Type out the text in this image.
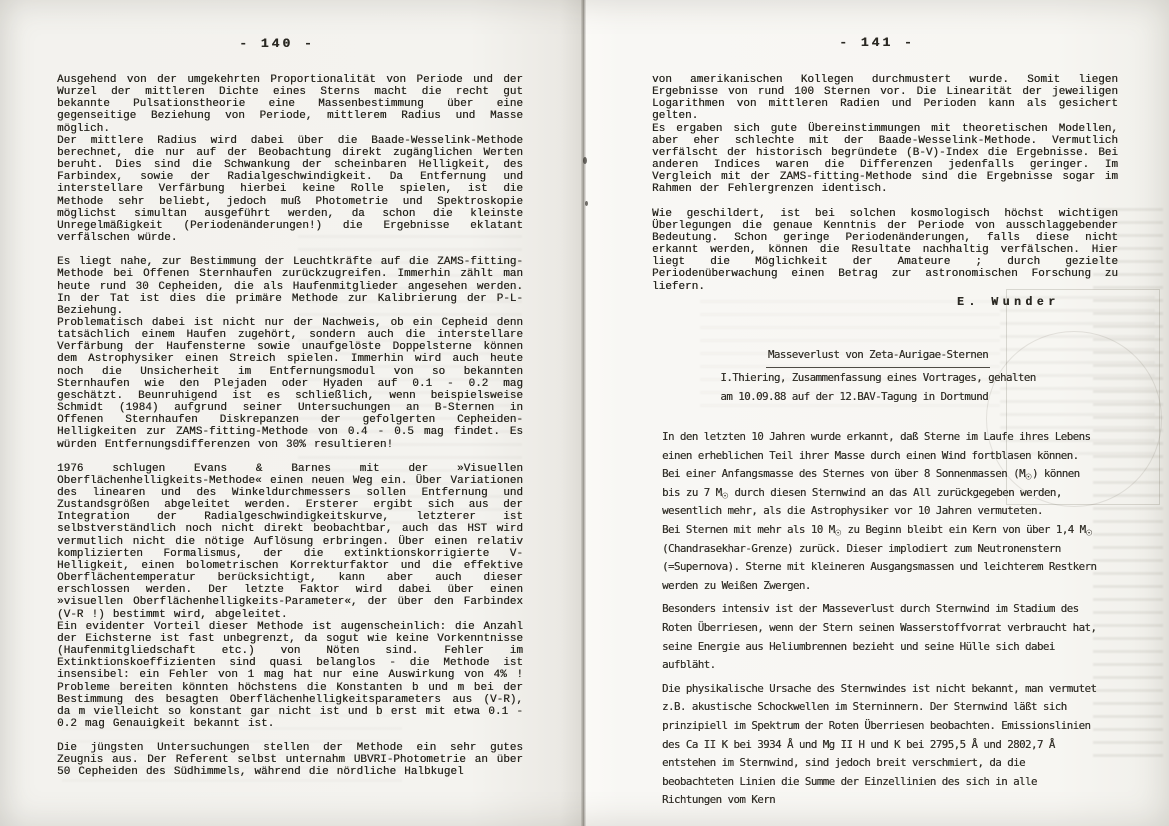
- 140 -
Ausgehend von der umgekehrten Proportionalität von Periode und der Wurzel der mittleren Dichte eines Sterns macht die recht gut bekannte Pulsationstheorie eine Massenbestimmung über eine gegenseitige Beziehung von Periode, mittlerem Radius und Masse möglich.
Der mittlere Radius wird dabei über die Baade-Wesselink-Methode berechnet, die nur auf der Beobachtung direkt zugänglichen Werten beruht. Dies sind die Schwankung der scheinbaren Helligkeit, des Farbindex, sowie der Radialgeschwindigkeit. Da Entfernung und interstellare Verfärbung hierbei keine Rolle spielen, ist die Methode sehr beliebt, jedoch muß Photometrie und Spektroskopie möglichst simultan ausgeführt werden, da schon die kleinste Unregelmäßigkeit (Periodenänderungen!) die Ergebnisse eklatant verfälschen würde.
Es liegt nahe, zur Bestimmung der Leuchtkräfte auf die ZAMS-fitting-Methode bei Offenen Sternhaufen zurückzugreifen. Immerhin zählt man heute rund 30 Cepheiden, die als Haufenmitglieder angesehen werden. In der Tat ist dies die primäre Methode zur Kalibrierung der P-L-Beziehung.
Problematisch dabei ist nicht nur der Nachweis, ob ein Cepheid denn tatsächlich einem Haufen zugehört, sondern auch die interstellare Verfärbung der Haufensterne sowie unaufgelöste Doppelsterne können dem Astrophysiker einen Streich spielen. Immerhin wird auch heute noch die Unsicherheit im Entfernungsmodul von so bekannten Sternhaufen wie den Plejaden oder Hyaden auf 0.1 - 0.2 mag geschätzt. Beunruhigend ist es schließlich, wenn beispielsweise Schmidt (1984) aufgrund seiner Untersuchungen an B-Sternen in Offenen Sternhaufen Diskrepanzen der gefolgerten Cepheiden-Helligkeiten zur ZAMS-fitting-Methode von 0.4 - 0.5 mag findet. Es würden Entfernungsdifferenzen von 30% resultieren!
1976 schlugen Evans & Barnes mit der »Visuellen Oberflächenhelligkeits-Methode« einen neuen Weg ein. Über Variationen des linearen und des Winkeldurchmessers sollen Entfernung und Zustandsgrößen abgeleitet werden. Ersterer ergibt sich aus der Integration der Radialgeschwindigkeitskurve, letzterer ist selbstverständlich noch nicht direkt beobachtbar, auch das HST wird vermutlich nicht die nötige Auflösung erbringen. Über einen relativ komplizierten Formalismus, der die extinktionskorrigierte V-Helligkeit, einen bolometrischen Korrekturfaktor und die effektive Oberflächentemperatur berücksichtigt, kann aber auch dieser erschlossen werden. Der letzte Faktor wird dabei über einen »visuellen Oberflächenhelligkeits-Parameter«, der über den Farbindex (V-R !) bestimmt wird, abgeleitet.
Ein evidenter Vorteil dieser Methode ist augenscheinlich: die Anzahl der Eichsterne ist fast unbegrenzt, da sogut wie keine Vorkenntnisse (Haufenmitgliedschaft etc.) von Nöten sind. Fehler im Extinktionskoeffizienten sind quasi belanglos - die Methode ist insensibel: ein Fehler von 1 mag hat nur eine Auswirkung von 4% ! Probleme bereiten könnten höchstens die Konstanten b und m bei der Bestimmung des besagten Oberflächenhelligkeitsparameters aus (V-R), da m vielleicht so konstant gar nicht ist und b erst mit etwa 0.1 - 0.2 mag Genauigkeit bekannt ist.
Die jüngsten Untersuchungen stellen der Methode ein sehr gutes Zeugnis aus. Der Referent selbst unternahm UBVRI-Photometrie an über 50 Cepheiden des Südhimmels, während die nördliche Halbkugel
- 141 -
von amerikanischen Kollegen durchmustert wurde. Somit liegen Ergebnisse von rund 100 Sternen vor. Die Linearität der jeweiligen Logarithmen von mittleren Radien und Perioden kann als gesichert gelten.
Es ergaben sich gute Übereinstimmungen mit theoretischen Modellen, aber eher schlechte mit der Baade-Wesselink-Methode. Vermutlich verfälscht der historisch begründete (B-V)-Index die Ergebnisse. Bei anderen Indices waren die Differenzen jedenfalls geringer. Im Vergleich mit der ZAMS-fitting-Methode sind die Ergebnisse sogar im Rahmen der Fehlergrenzen identisch.
Wie geschildert, ist bei solchen kosmologisch höchst wichtigen Überlegungen die genaue Kenntnis der Periode von ausschlaggebender Bedeutung. Schon geringe Periodenänderungen, falls diese nicht erkannt werden, können die Resultate nachhaltig verfälschen. Hier liegt die Möglichkeit der Amateure ; durch gezielte Periodenüberwachung einen Betrag zur astronomischen Forschung zu liefern.
E. Wunder
Masseverlust von Zeta-Aurigae-Sternen
I.Thiering, Zusammenfassung eines Vortrages, gehalten
am 10.09.88 auf der 12.BAV-Tagung in Dortmund
In den letzten 10 Jahren wurde erkannt, daß Sterne im Laufe ihres Lebens einen erheblichen Teil ihrer Masse durch einen Wind fortblasen können.
Bei einer Anfangsmasse des Sternes von über 8 Sonnenmassen $(M_☉)$ können bis zu 7 $M_☉$ durch diesen Sternwind an das All zurückgegeben werden, wesentlich mehr, als die Astrophysiker vor 10 Jahren vermuteten.
Bei Sternen mit mehr als 10 $M_☉$ zu Beginn bleibt ein Kern von über 1,4 $M_☉$ (Chandrasekhar-Grenze) zurück. Dieser implodiert zum Neutronenstern (=Supernova). Sterne mit kleineren Ausgangsmassen und leichterem Restkern werden zu Weißen Zwergen.
Besonders intensiv ist der Masseverlust durch Sternwind im Stadium des Roten Überriesen, wenn der Stern seinen Wasserstoffvorrat verbraucht hat, seine Energie aus Heliumbrennen bezieht und seine Hülle sich dabei aufbläht.
Die physikalische Ursache des Sternwindes ist nicht bekannt, man vermutet z.B. akustische Schockwellen im Sterninnern. Der Sternwind läßt sich prinzipiell im Spektrum der Roten Überriesen beobachten. Emissionslinien des Ca II K bei 3934 Å und Mg II H und K bei 2795,5 Å und 2802,7 Å entstehen im Sternwind, sind jedoch breit verschmiert, da die beobachteten Linien die Summe der Einzellinien des sich in alle Richtungen vom Kern
